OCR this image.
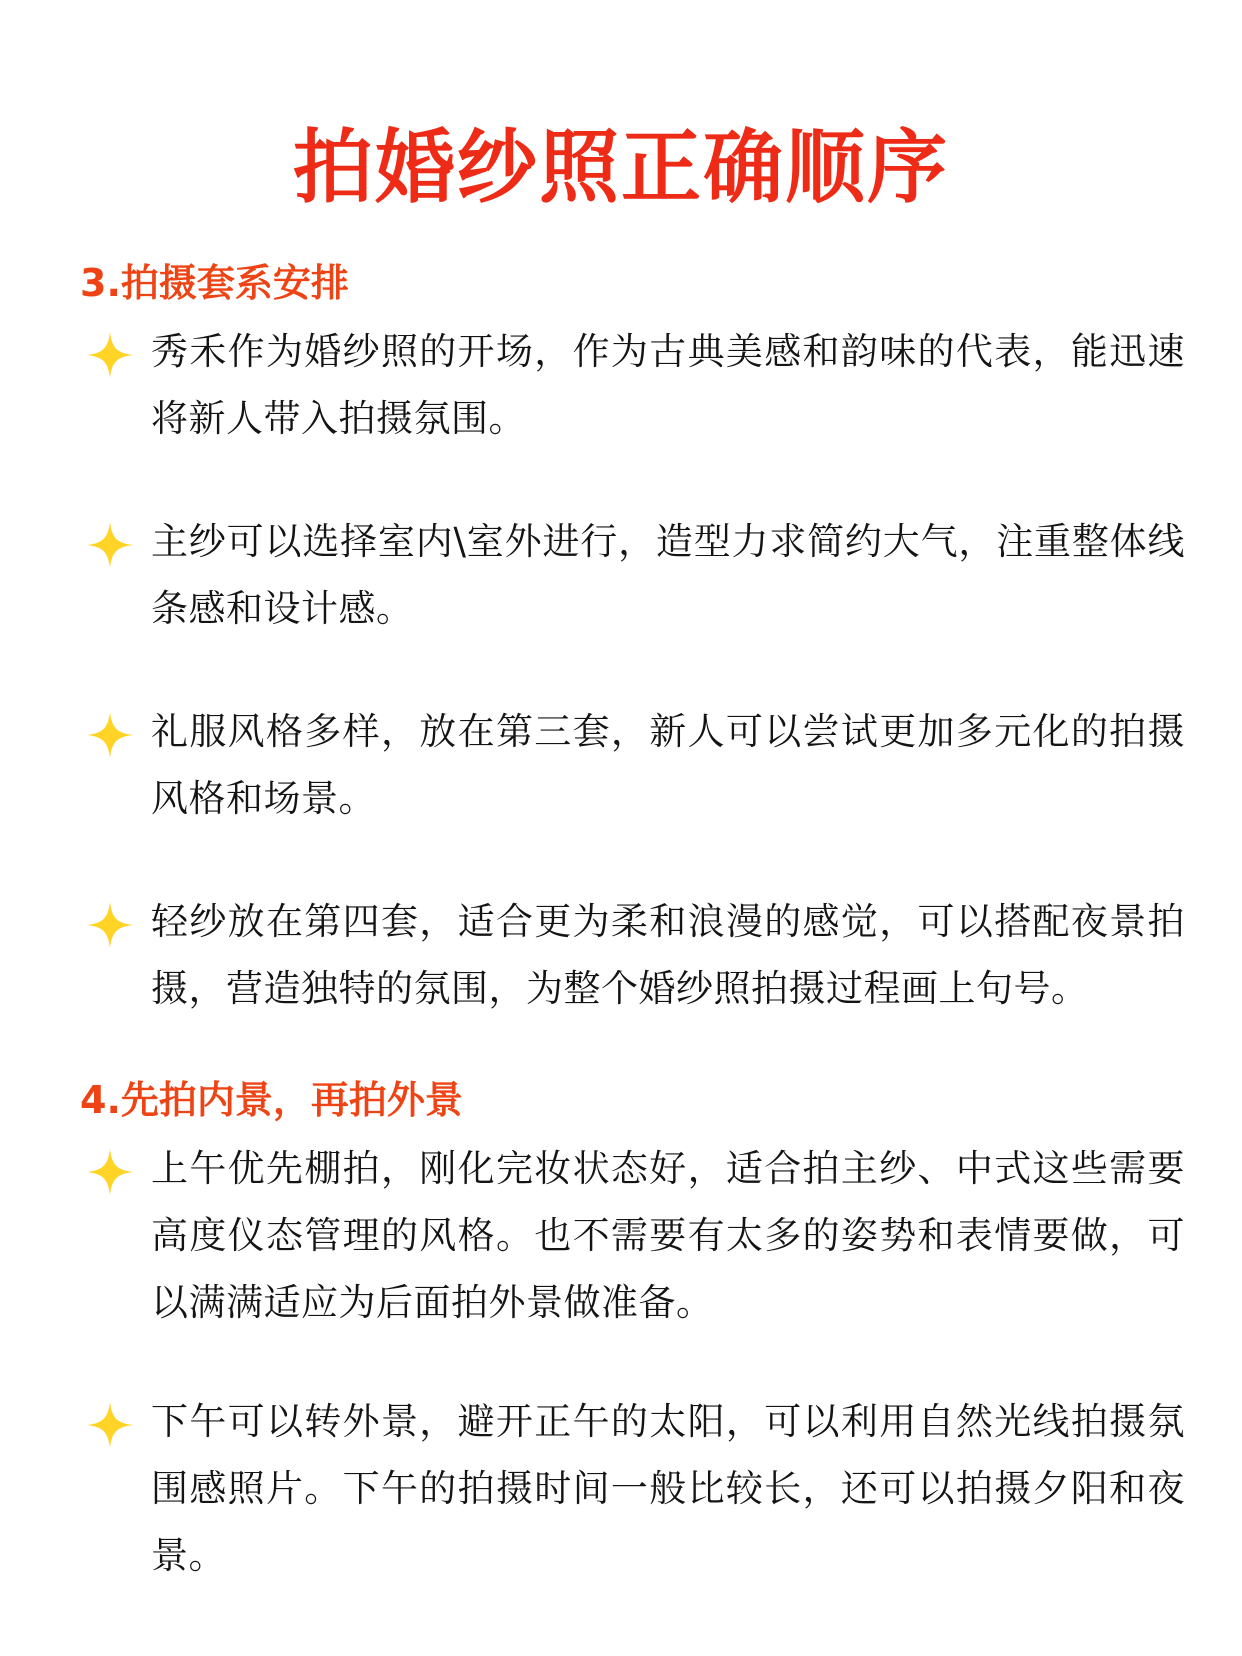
拍婚纱照正确顺序
3.拍摄套系安排

秀禾作为婚纱照的开场，作为古典美感和韵味的代表，能迅速将新人带入拍摄氛围。

主纱可以选择室内\室外进行，造型力求简约大气，注重整体线条感和设计感。

礼服风格多样，放在第三套，新人可以尝试更加多元化的拍摄风格和场景。

轻纱放在第四套，适合更为柔和浪漫的感觉，可以搭配夜景拍摄，营造独特的氛围，为整个婚纱照拍摄过程画上句号。

4.先拍内景，再拍外景

上午优先棚拍，刚化完妆状态好，适合拍主纱、中式这些需要高度仪态管理的风格。也不需要有太多的姿势和表情要做，可以满满适应为后面拍外景做准备。

下午可以转外景，避开正午的太阳，可以利用自然光线拍摄氛围感照片。下午的拍摄时间一般比较长，还可以拍摄夕阳和夜景。
